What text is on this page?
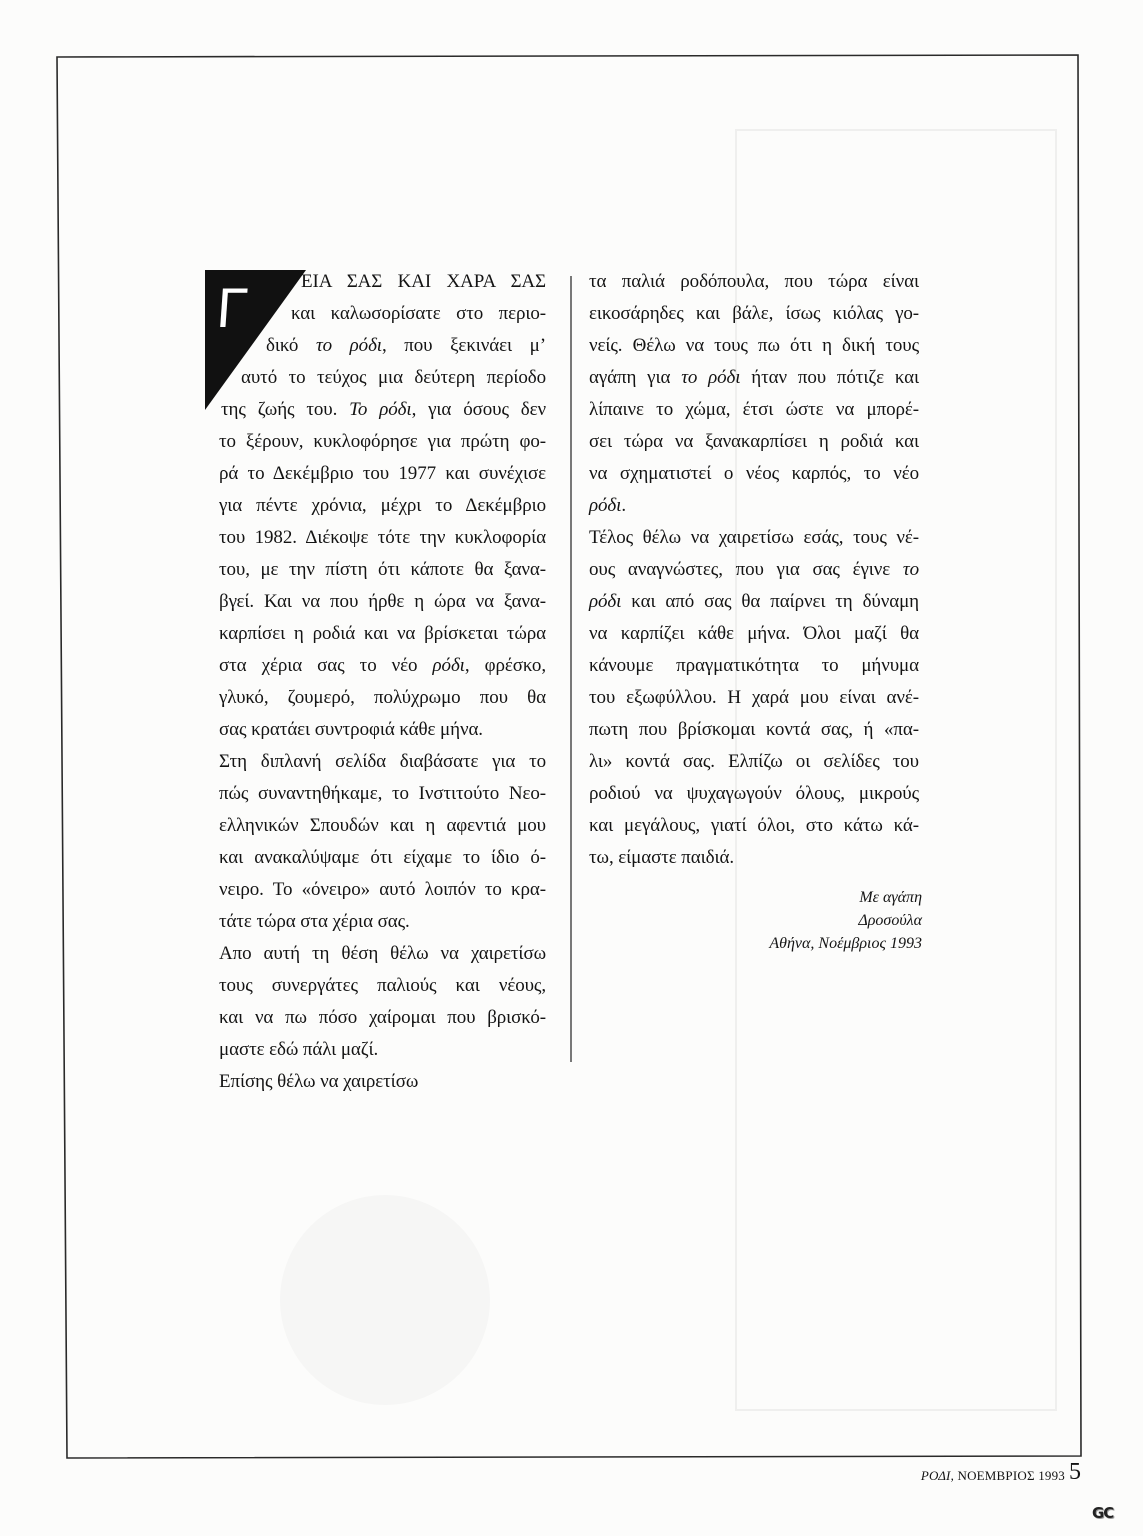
Γ	ΕΙΑ ΣΑΣ ΚΑΙ ΧΑΡΑ ΣΑΣ
και καλωσορίσατε στο περιο-
δικό το ρόδι, που ξεκινάει μ’
αυτό το τεύχος μια δεύτερη περίοδο
της ζωής του. Το ρόδι, για όσους δεν
το ξέρουν, κυκλοφόρησε για πρώτη φο-
ρά το Δεκέμβριο του 1977 και συνέχισε
για πέντε χρόνια, μέχρι το Δεκέμβριο
του 1982. Διέκοψε τότε την κυκλοφορία
του, με την πίστη ότι κάποτε θα ξανα-
βγεί. Και να που ήρθε η ώρα να ξανα-
καρπίσει η ροδιά και να βρίσκεται τώρα
στα χέρια σας το νέο ρόδι, φρέσκο,
γλυκό, ζουμερό, πολύχρωμο που θα
σας κρατάει συντροφιά κάθε μήνα.
Στη διπλανή σελίδα διαβάσατε για το
πώς συναντηθήκαμε, το Ινστιτούτο Νεο-
ελληνικών Σπουδών και η αφεντιά μου
και ανακαλύψαμε ότι είχαμε το ίδιο ό-
νειρο. Το «όνειρο» αυτό λοιπόν το κρα-
τάτε τώρα στα χέρια σας.
Απο αυτή τη θέση θέλω να χαιρετίσω
τους συνεργάτες παλιούς και νέους,
και να πω πόσο χαίρομαι που βρισκό-
μαστε εδώ πάλι μαζί.
Επίσης θέλω να χαιρετίσω
τα παλιά ροδόπουλα, που τώρα είναι
εικοσάρηδες και βάλε, ίσως κιόλας γο-
νείς. Θέλω να τους πω ότι η δική τους
αγάπη για το ρόδι ήταν που πότιζε και
λίπαινε το χώμα, έτσι ώστε να μπορέ-
σει τώρα να ξανακαρπίσει η ροδιά και
να σχηματιστεί ο νέος καρπός, το νέο
ρόδι.
Τέλος θέλω να χαιρετίσω εσάς, τους νέ-
ους αναγνώστες, που για σας έγινε το
ρόδι και από σας θα παίρνει τη δύναμη
να καρπίζει κάθε μήνα. Όλοι μαζί θα
κάνουμε πραγματικότητα το μήνυμα
του εξωφύλλου. Η χαρά μου είναι ανέ-
πωτη που βρίσκομαι κοντά σας, ή «πα-
λι» κοντά σας. Ελπίζω οι σελίδες του
ροδιού να ψυχαγωγούν όλους, μικρούς
και μεγάλους, γιατί όλοι, στο κάτω κά-
τω, είμαστε παιδιά.
Με αγάπη
Δροσούλα
Αθήνα, Νοέμβριος 1993
ΡΟΔΙ, ΝΟΕΜΒΡΙΟΣ 1993 5
GC
